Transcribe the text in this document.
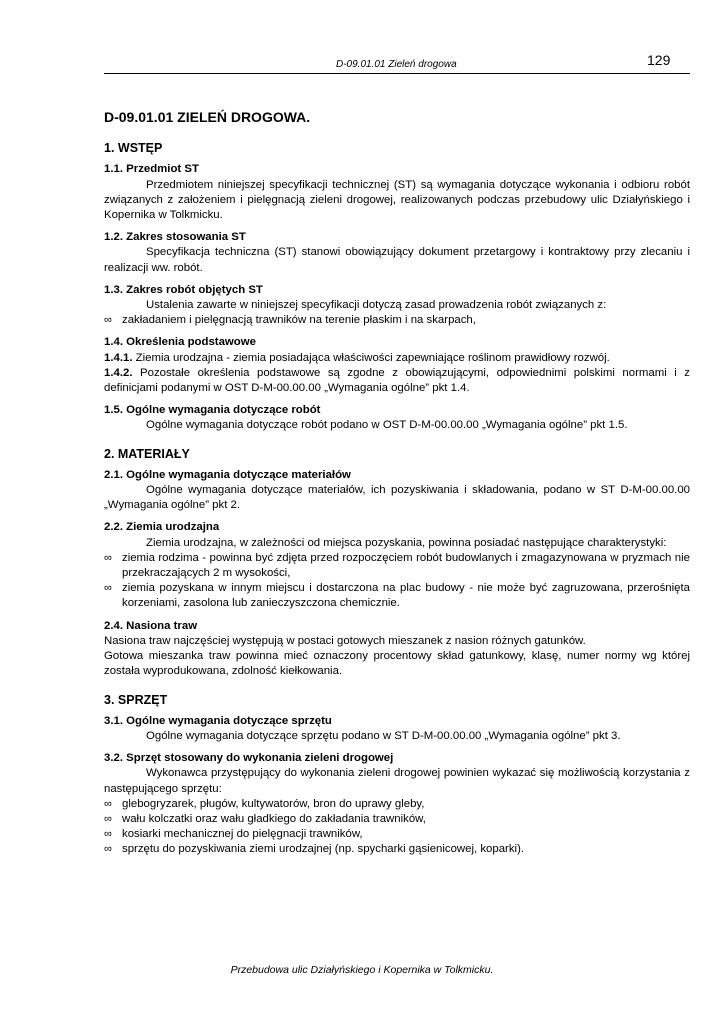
D-09.01.01 Zieleń drogowa	129
D-09.01.01 ZIELEŃ DROGOWA.
1. WSTĘP
1.1. Przedmiot ST

Przedmiotem niniejszej specyfikacji technicznej (ST) są wymagania dotyczące wykonania i odbioru robót związanych z założeniem i pielęgnacją zieleni drogowej, realizowanych podczas przebudowy ulic Działyńskiego i Kopernika w Tolkmicku.

1.2. Zakres stosowania ST

Specyfikacja techniczna (ST) stanowi obowiązujący dokument przetargowy i kontraktowy przy zlecaniu i realizacji ww. robót.

1.3. Zakres robót objętych ST

Ustalenia zawarte w niniejszej specyfikacji dotyczą zasad prowadzenia robót związanych z:

∞ zakładaniem i pielęgnacją trawników na terenie płaskim i na skarpach,
1.4. Określenia podstawowe

1.4.1. Ziemia urodzajna - ziemia posiadająca właściwości zapewniające roślinom prawidłowy rozwój.

1.4.2. Pozostałe określenia podstawowe są zgodne z obowiązującymi, odpowiednimi polskimi normami i z definicjami podanymi w OST D-M-00.00.00 „Wymagania ogólne” pkt 1.4.

1.5. Ogólne wymagania dotyczące robót

Ogólne wymagania dotyczące robót podano w OST D-M-00.00.00 „Wymagania ogólne” pkt 1.5.

2. MATERIAŁY
2.1. Ogólne wymagania dotyczące materiałów

Ogólne wymagania dotyczące materiałów, ich pozyskiwania i składowania, podano w ST D-M-00.00.00 „Wymagania ogólne” pkt 2.

2.2. Ziemia urodzajna

Ziemia urodzajna, w zależności od miejsca pozyskania, powinna posiadać następujące charakterystyki:

∞ ziemia rodzima - powinna być zdjęta przed rozpoczęciem robót budowlanych i zmagazynowana w pryzmach nie przekraczających 2 m wysokości,
∞ ziemia pozyskana w innym miejscu i dostarczona na plac budowy - nie może być zagruzowana, przerośnięta korzeniami, zasolona lub zanieczyszczona chemicznie.
2.4. Nasiona traw

Nasiona traw najczęściej występują w postaci gotowych mieszanek z nasion różnych gatunków.

Gotowa mieszanka traw powinna mieć oznaczony procentowy skład gatunkowy, klasę, numer normy wg której została wyprodukowana, zdolność kiełkowania.

3. SPRZĘT
3.1. Ogólne wymagania dotyczące sprzętu

Ogólne wymagania dotyczące sprzętu podano w ST D-M-00.00.00 „Wymagania ogólne” pkt 3.

3.2. Sprzęt stosowany do wykonania zieleni drogowej

Wykonawca przystępujący do wykonania zieleni drogowej powinien wykazać się możliwością korzystania z następującego sprzętu:

∞ glebogryzarek, pługów, kultywatorów, bron do uprawy gleby,
∞ wału kolczatki oraz wału gładkiego do zakładania trawników,
∞ kosiarki mechanicznej do pielęgnacji trawników,
∞ sprzętu do pozyskiwania ziemi urodzajnej (np. spycharki gąsienicowej, koparki).
Przebudowa ulic Działyńskiego i Kopernika w Tolkmicku.
